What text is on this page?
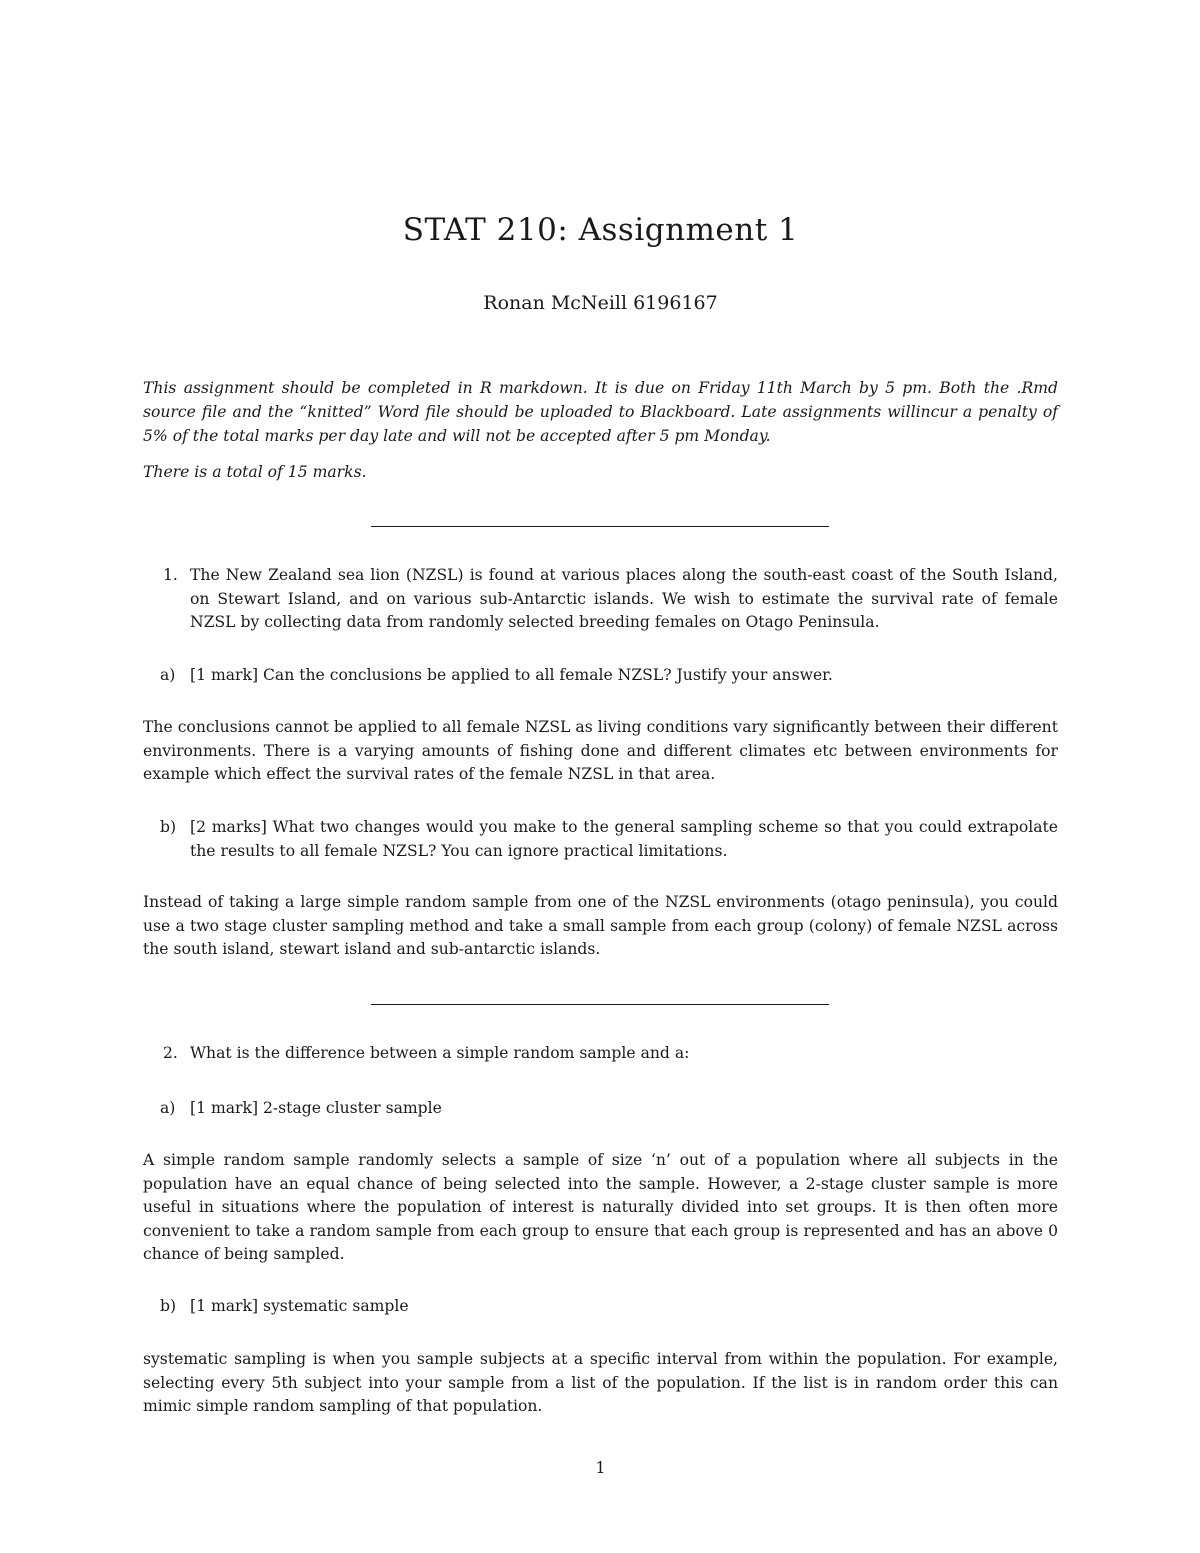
STAT 210: Assignment 1
Ronan McNeill 6196167
This assignment should be completed in R markdown. It is due on Friday 11th March by 5 pm. Both the .Rmd source file and the “knitted” Word file should be uploaded to Blackboard. Late assignments willincur a penalty of 5% of the total marks per day late and will not be accepted after 5 pm Monday.
There is a total of 15 marks.
1. The New Zealand sea lion (NZSL) is found at various places along the south-east coast of the South Island, on Stewart Island, and on various sub-Antarctic islands. We wish to estimate the survival rate of female NZSL by collecting data from randomly selected breeding females on Otago Peninsula.
a) [1 mark] Can the conclusions be applied to all female NZSL? Justify your answer.
The conclusions cannot be applied to all female NZSL as living conditions vary significantly between their different environments. There is a varying amounts of fishing done and different climates etc between environments for example which effect the survival rates of the female NZSL in that area.
b) [2 marks] What two changes would you make to the general sampling scheme so that you could extrapolate the results to all female NZSL? You can ignore practical limitations.
Instead of taking a large simple random sample from one of the NZSL environments (otago peninsula), you could use a two stage cluster sampling method and take a small sample from each group (colony) of female NZSL across the south island, stewart island and sub-antarctic islands.
2. What is the difference between a simple random sample and a:
a) [1 mark] 2-stage cluster sample
A simple random sample randomly selects a sample of size ‘n’ out of a population where all subjects in the population have an equal chance of being selected into the sample. However, a 2-stage cluster sample is more useful in situations where the population of interest is naturally divided into set groups. It is then often more convenient to take a random sample from each group to ensure that each group is represented and has an above 0 chance of being sampled.
b) [1 mark] systematic sample
systematic sampling is when you sample subjects at a specific interval from within the population. For example, selecting every 5th subject into your sample from a list of the population. If the list is in random order this can mimic simple random sampling of that population.
1
